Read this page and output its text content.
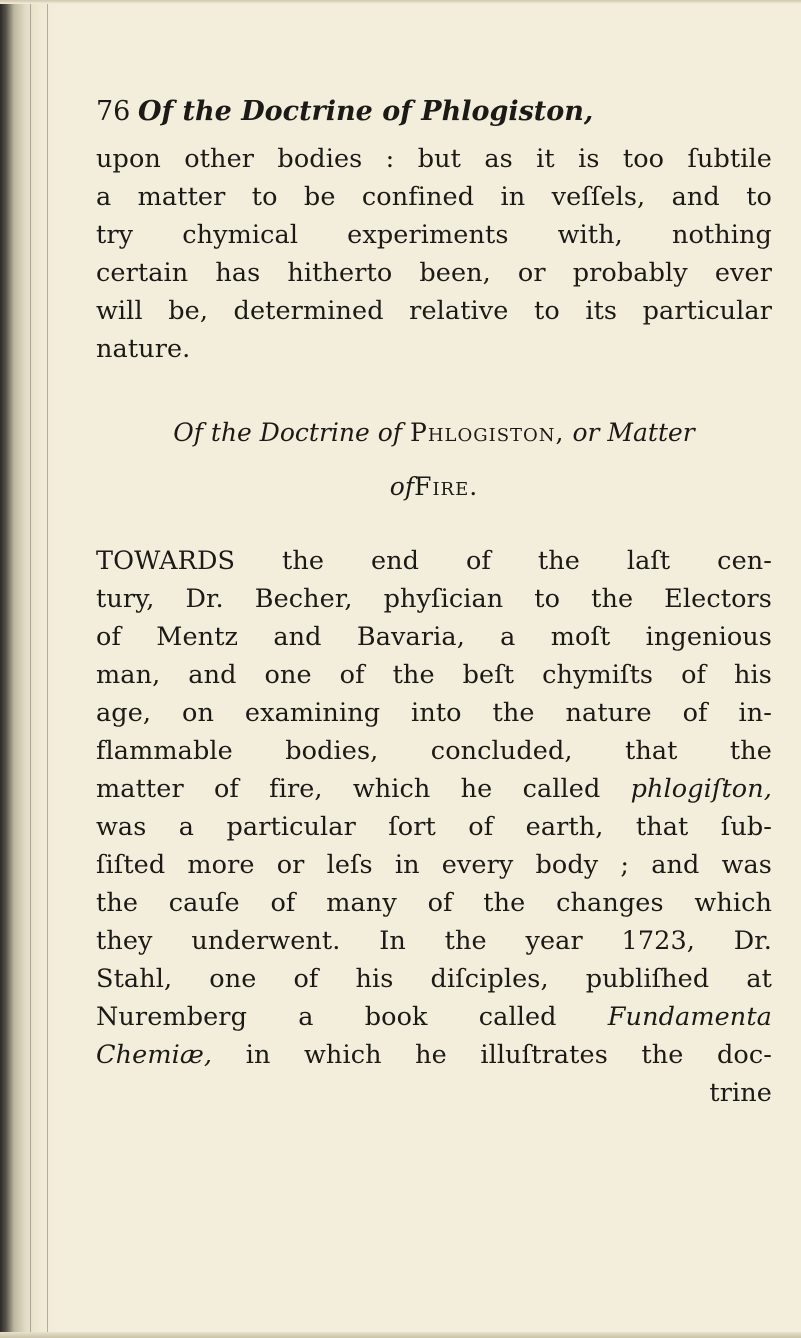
76 Of the Doctrine of Phlogiston,
upon other bodies : but as it is too ſubtile
a matter to be confined in veſſels, and to
try chymical experiments with, nothing
certain has hitherto been, or probably ever
will be, determined relative to its particular
nature.
Of the Doctrine of Phlogiston, or Matter
ofFire.
TOWARDS the end of the laſt cen-
tury, Dr. Becher, phyſician to the Electors
of Mentz and Bavaria, a moſt ingenious
man, and one of the beſt chymiſts of his
age, on examining into the nature of in-
flammable bodies, concluded, that the
matter of fire, which he called phlogiſton,
was a particular ſort of earth, that ſub-
ſiſted more or leſs in every body ; and was
the cauſe of many of the changes which
they underwent. In the year 1723, Dr.
Stahl, one of his diſciples, publiſhed at
Nuremberg a book called Fundamenta
Chemiæ, in which he illuſtrates the doc-
trine
